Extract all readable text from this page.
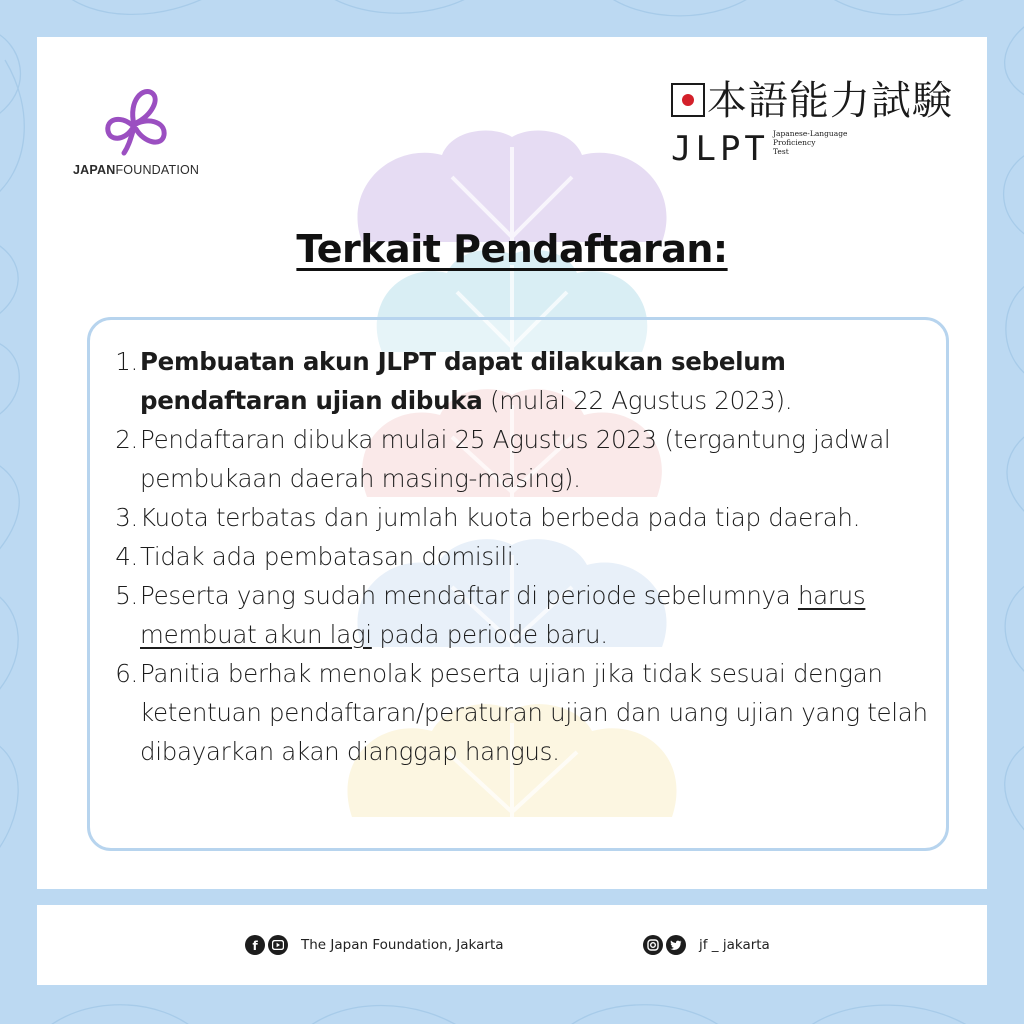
JAPANFOUNDATION
本語能力試験
JLPT Japanese-Language
Proficiency
Test
Terkait Pendaftaran:
1. Pembuatan akun JLPT dapat dilakukan sebelum pendaftaran ujian dibuka (mulai 22 Agustus 2023).
2. Pendaftaran dibuka mulai 25 Agustus 2023 (tergantung jadwal pembukaan daerah masing-masing).
3. Kuota terbatas dan jumlah kuota berbeda pada tiap daerah.
4. Tidak ada pembatasan domisili.
5. Peserta yang sudah mendaftar di periode sebelumnya harus membuat akun lagi pada periode baru.
6. Panitia berhak menolak peserta ujian jika tidak sesuai dengan ketentuan pendaftaran/peraturan ujian dan uang ujian yang telah dibayarkan akan dianggap hangus.
f	The Japan Foundation, Jakarta	jf _ jakarta
